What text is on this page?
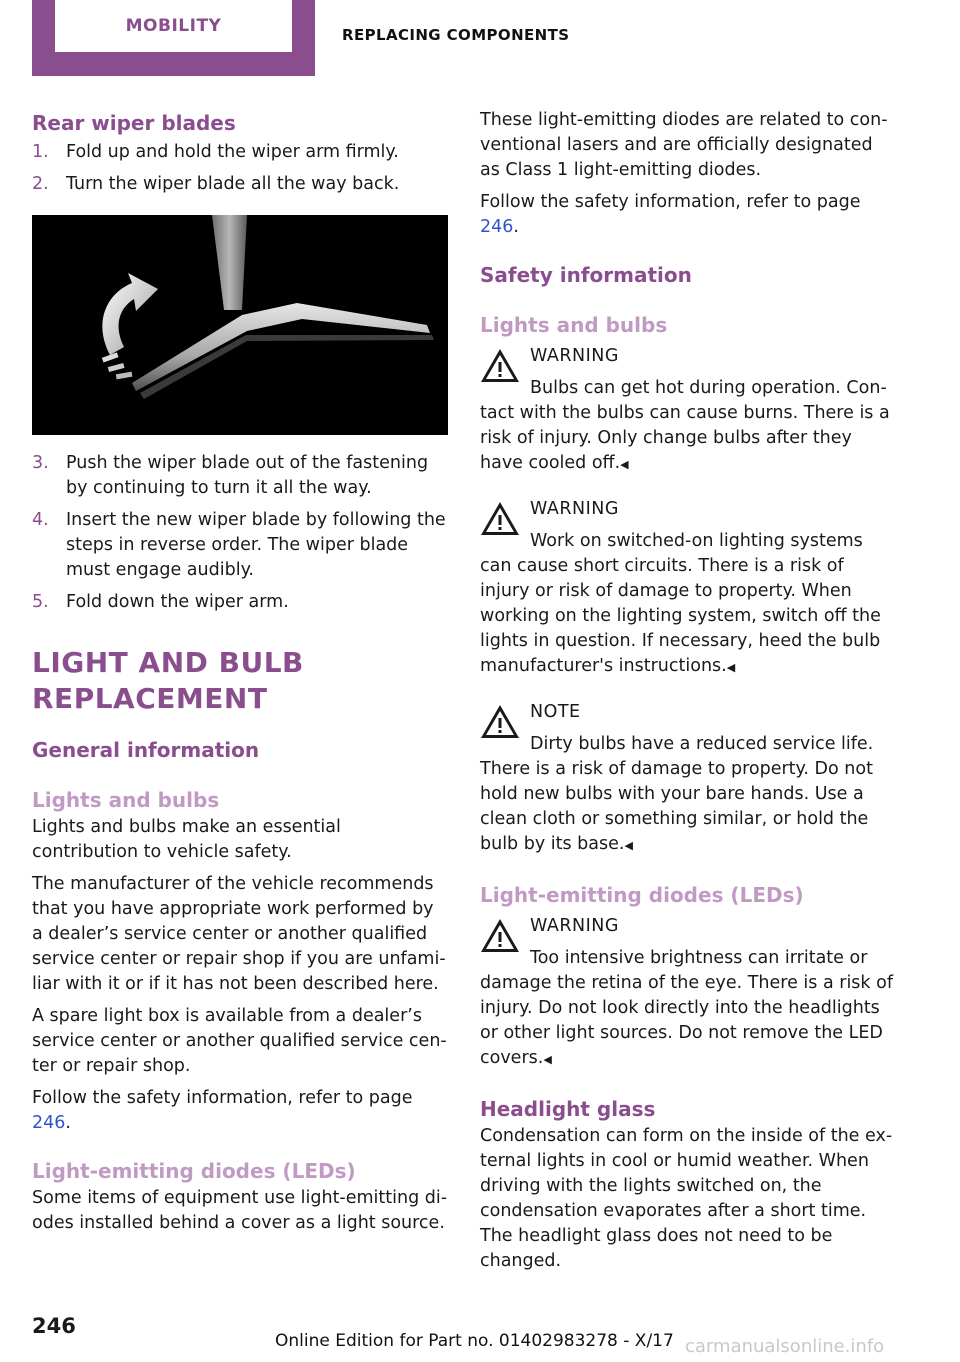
MOBILITY	REPLACING COMPONENTS
Rear wiper blades
1. Fold up and hold the wiper arm firmly.
2. Turn the wiper blade all the way back.
3. Push the wiper blade out of the fastening by continuing to turn it all the way.
4. Insert the new wiper blade by following the steps in reverse order. The wiper blade must engage audibly.
5. Fold down the wiper arm.
LIGHT AND BULB REPLACEMENT
General information
Lights and bulbs

Lights and bulbs make an essential contribution to vehicle safety.

The manufacturer of the vehicle recommends that you have appropriate work performed by a dealer’s service center or another qualified service center or repair shop if you are unfamiliar with it or if it has not been described here.

A spare light box is available from a dealer’s service center or another qualified service center or repair shop.

Follow the safety information, refer to page 246.

Light-emitting diodes (LEDs)

Some items of equipment use light-emitting diodes installed behind a cover as a light source.

These light-emitting diodes are related to conventional lasers and are officially designated as Class 1 light-emitting diodes.

Follow the safety information, refer to page 246.

Safety information
Lights and bulbs
WARNING

Bulbs can get hot during operation. Contact with the bulbs can cause burns. There is a risk of injury. Only change bulbs after they have cooled off.◀

WARNING

Work on switched-on lighting systems can cause short circuits. There is a risk of injury or risk of damage to property. When working on the lighting system, switch off the lights in question. If necessary, heed the bulb manufacturer's instructions.◀

NOTE

Dirty bulbs have a reduced service life. There is a risk of damage to property. Do not hold new bulbs with your bare hands. Use a clean cloth or something similar, or hold the bulb by its base.◀

Light-emitting diodes (LEDs)
WARNING

Too intensive brightness can irritate or damage the retina of the eye. There is a risk of injury. Do not look directly into the headlights or other light sources. Do not remove the LED covers.◀

Headlight glass

Condensation can form on the inside of the external lights in cool or humid weather. When driving with the lights switched on, the condensation evaporates after a short time. The headlight glass does not need to be changed.

246
Online Edition for Part no. 01402983278 - X/17 carmanualsonline.info
